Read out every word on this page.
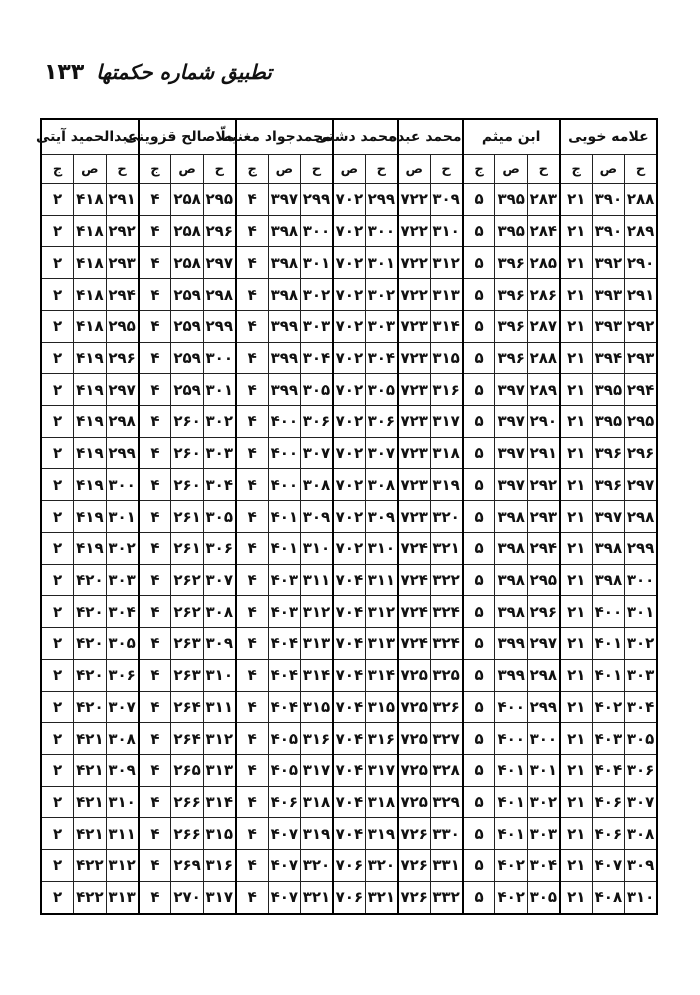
۱۳۳ تطبیق شماره حکمتها
علامه خويى			ابن ميثم			محمد عبده		محمد دشتى		محمدجواد مغنيه			ملّاصالح قزوينى			عبدالحميد آيتى		
ح	ص	ج	ح	ص	ج	ح	ص	ح	ص	ح	ص	ج	ح	ص	ج	ح	ص	ج
۲۸۸	۳۹۰	۲۱	۲۸۳	۳۹۵	۵	۳۰۹	۷۲۲	۲۹۹	۷۰۲	۲۹۹	۳۹۷	۴	۲۹۵	۲۵۸	۴	۲۹۱	۴۱۸	۲
۲۸۹	۳۹۰	۲۱	۲۸۴	۳۹۵	۵	۳۱۰	۷۲۲	۳۰۰	۷۰۲	۳۰۰	۳۹۸	۴	۲۹۶	۲۵۸	۴	۲۹۲	۴۱۸	۲
۲۹۰	۳۹۲	۲۱	۲۸۵	۳۹۶	۵	۳۱۲	۷۲۲	۳۰۱	۷۰۲	۳۰۱	۳۹۸	۴	۲۹۷	۲۵۸	۴	۲۹۳	۴۱۸	۲
۲۹۱	۳۹۳	۲۱	۲۸۶	۳۹۶	۵	۳۱۳	۷۲۲	۳۰۲	۷۰۲	۳۰۲	۳۹۸	۴	۲۹۸	۲۵۹	۴	۲۹۴	۴۱۸	۲
۲۹۲	۳۹۳	۲۱	۲۸۷	۳۹۶	۵	۳۱۴	۷۲۳	۳۰۳	۷۰۲	۳۰۳	۳۹۹	۴	۲۹۹	۲۵۹	۴	۲۹۵	۴۱۸	۲
۲۹۳	۳۹۴	۲۱	۲۸۸	۳۹۶	۵	۳۱۵	۷۲۳	۳۰۴	۷۰۲	۳۰۴	۳۹۹	۴	۳۰۰	۲۵۹	۴	۲۹۶	۴۱۹	۲
۲۹۴	۳۹۵	۲۱	۲۸۹	۳۹۷	۵	۳۱۶	۷۲۳	۳۰۵	۷۰۲	۳۰۵	۳۹۹	۴	۳۰۱	۲۵۹	۴	۲۹۷	۴۱۹	۲
۲۹۵	۳۹۵	۲۱	۲۹۰	۳۹۷	۵	۳۱۷	۷۲۳	۳۰۶	۷۰۲	۳۰۶	۴۰۰	۴	۳۰۲	۲۶۰	۴	۲۹۸	۴۱۹	۲
۲۹۶	۳۹۶	۲۱	۲۹۱	۳۹۷	۵	۳۱۸	۷۲۳	۳۰۷	۷۰۲	۳۰۷	۴۰۰	۴	۳۰۳	۲۶۰	۴	۲۹۹	۴۱۹	۲
۲۹۷	۳۹۶	۲۱	۲۹۲	۳۹۷	۵	۳۱۹	۷۲۳	۳۰۸	۷۰۲	۳۰۸	۴۰۰	۴	۳۰۴	۲۶۰	۴	۳۰۰	۴۱۹	۲
۲۹۸	۳۹۷	۲۱	۲۹۳	۳۹۸	۵	۳۲۰	۷۲۳	۳۰۹	۷۰۲	۳۰۹	۴۰۱	۴	۳۰۵	۲۶۱	۴	۳۰۱	۴۱۹	۲
۲۹۹	۳۹۸	۲۱	۲۹۴	۳۹۸	۵	۳۲۱	۷۲۴	۳۱۰	۷۰۲	۳۱۰	۴۰۱	۴	۳۰۶	۲۶۱	۴	۳۰۲	۴۱۹	۲
۳۰۰	۳۹۸	۲۱	۲۹۵	۳۹۸	۵	۳۲۲	۷۲۴	۳۱۱	۷۰۴	۳۱۱	۴۰۳	۴	۳۰۷	۲۶۲	۴	۳۰۳	۴۲۰	۲
۳۰۱	۴۰۰	۲۱	۲۹۶	۳۹۸	۵	۳۲۴	۷۲۴	۳۱۲	۷۰۴	۳۱۲	۴۰۳	۴	۳۰۸	۲۶۲	۴	۳۰۴	۴۲۰	۲
۳۰۲	۴۰۱	۲۱	۲۹۷	۳۹۹	۵	۳۲۴	۷۲۴	۳۱۳	۷۰۴	۳۱۳	۴۰۴	۴	۳۰۹	۲۶۳	۴	۳۰۵	۴۲۰	۲
۳۰۳	۴۰۱	۲۱	۲۹۸	۳۹۹	۵	۳۲۵	۷۲۵	۳۱۴	۷۰۴	۳۱۴	۴۰۴	۴	۳۱۰	۲۶۳	۴	۳۰۶	۴۲۰	۲
۳۰۴	۴۰۲	۲۱	۲۹۹	۴۰۰	۵	۳۲۶	۷۲۵	۳۱۵	۷۰۴	۳۱۵	۴۰۴	۴	۳۱۱	۲۶۴	۴	۳۰۷	۴۲۰	۲
۳۰۵	۴۰۳	۲۱	۳۰۰	۴۰۰	۵	۳۲۷	۷۲۵	۳۱۶	۷۰۴	۳۱۶	۴۰۵	۴	۳۱۲	۲۶۴	۴	۳۰۸	۴۲۱	۲
۳۰۶	۴۰۴	۲۱	۳۰۱	۴۰۱	۵	۳۲۸	۷۲۵	۳۱۷	۷۰۴	۳۱۷	۴۰۵	۴	۳۱۳	۲۶۵	۴	۳۰۹	۴۲۱	۲
۳۰۷	۴۰۶	۲۱	۳۰۲	۴۰۱	۵	۳۲۹	۷۲۵	۳۱۸	۷۰۴	۳۱۸	۴۰۶	۴	۳۱۴	۲۶۶	۴	۳۱۰	۴۲۱	۲
۳۰۸	۴۰۶	۲۱	۳۰۳	۴۰۱	۵	۳۳۰	۷۲۶	۳۱۹	۷۰۴	۳۱۹	۴۰۷	۴	۳۱۵	۲۶۶	۴	۳۱۱	۴۲۱	۲
۳۰۹	۴۰۷	۲۱	۳۰۴	۴۰۲	۵	۳۳۱	۷۲۶	۳۲۰	۷۰۶	۳۲۰	۴۰۷	۴	۳۱۶	۲۶۹	۴	۳۱۲	۴۲۲	۲
۳۱۰	۴۰۸	۲۱	۳۰۵	۴۰۲	۵	۳۳۲	۷۲۶	۳۲۱	۷۰۶	۳۲۱	۴۰۷	۴	۳۱۷	۲۷۰	۴	۳۱۳	۴۲۲	۲
